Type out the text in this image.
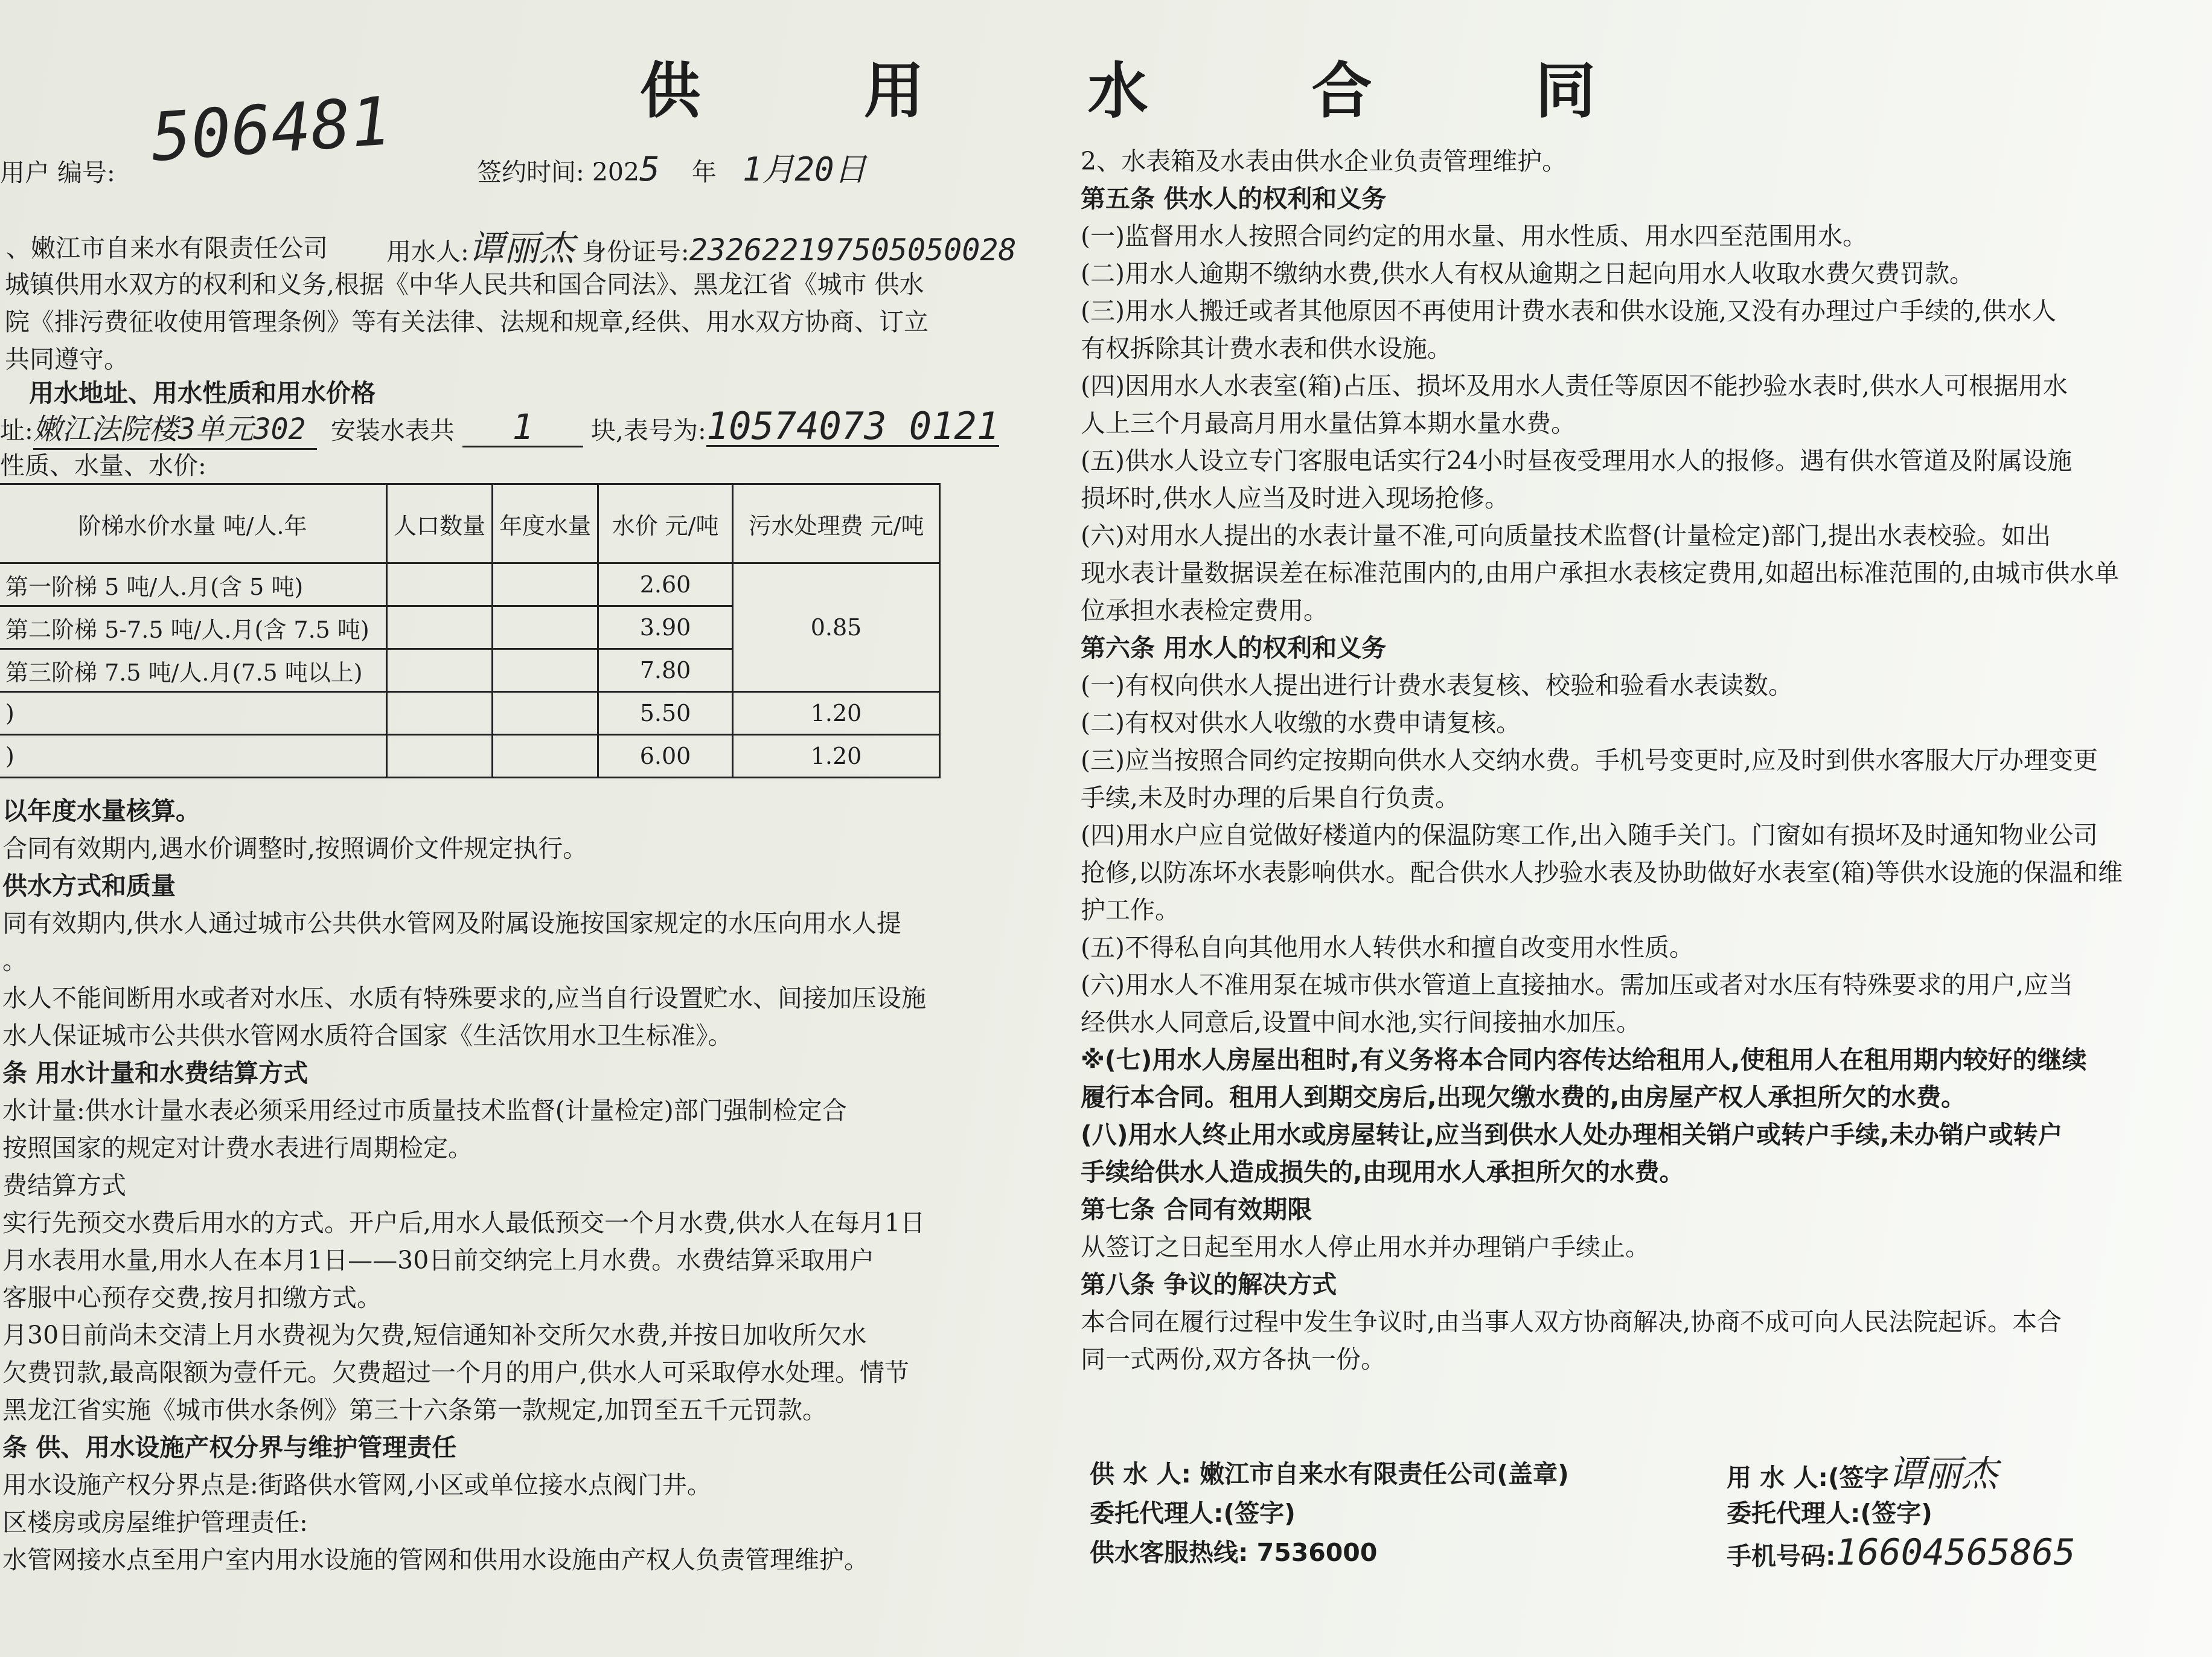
供 用 水 合 同
506481
用户 编号:	签约时间: 2025 年 1月20日
、嫩江市自来水有限责任公司 用水人:谭丽杰 身份证号:232622197505050028

城镇供用水双方的权利和义务,根据《中华人民共和国合同法》、黑龙江省《城市 供水

院《排污费征收使用管理条例》等有关法律、法规和规章,经供、用水双方协商、订立

共同遵守。

用水地址、用水性质和用水价格
址:嫩江法院楼3单元302 安装水表共 1 块,表号为:10574073 0121
性质、水量、水价:
阶梯水价水量 吨/人.年	人口数量	年度水量	水价 元/吨	污水处理费 元/吨
第一阶梯 5 吨/人.月(含 5 吨)			2.60	0.85
第二阶梯 5-7.5 吨/人.月(含 7.5 吨)			3.90	
第三阶梯 7.5 吨/人.月(7.5 吨以上)			7.80	
)			5.50	1.20
)			6.00	1.20

以年度水量核算。

合同有效期内,遇水价调整时,按照调价文件规定执行。

供水方式和质量

同有效期内,供水人通过城市公共供水管网及附属设施按国家规定的水压向用水人提

。

水人不能间断用水或者对水压、水质有特殊要求的,应当自行设置贮水、间接加压设施

水人保证城市公共供水管网水质符合国家《生活饮用水卫生标准》。

条 用水计量和水费结算方式

水计量:供水计量水表必须采用经过市质量技术监督(计量检定)部门强制检定合

按照国家的规定对计费水表进行周期检定。

费结算方式

实行先预交水费后用水的方式。开户后,用水人最低预交一个月水费,供水人在每月1日

月水表用水量,用水人在本月1日——30日前交纳完上月水费。水费结算采取用户

客服中心预存交费,按月扣缴方式。

月30日前尚未交清上月水费视为欠费,短信通知补交所欠水费,并按日加收所欠水

欠费罚款,最高限额为壹仟元。欠费超过一个月的用户,供水人可采取停水处理。情节

黑龙江省实施《城市供水条例》第三十六条第一款规定,加罚至五千元罚款。

条 供、用水设施产权分界与维护管理责任

用水设施产权分界点是:街路供水管网,小区或单位接水点阀门井。

区楼房或房屋维护管理责任:

水管网接水点至用户室内用水设施的管网和供用水设施由产权人负责管理维护。

2、水表箱及水表由供水企业负责管理维护。

第五条 供水人的权利和义务

(一)监督用水人按照合同约定的用水量、用水性质、用水四至范围用水。

(二)用水人逾期不缴纳水费,供水人有权从逾期之日起向用水人收取水费欠费罚款。

(三)用水人搬迁或者其他原因不再使用计费水表和供水设施,又没有办理过户手续的,供水人

有权拆除其计费水表和供水设施。

(四)因用水人水表室(箱)占压、损坏及用水人责任等原因不能抄验水表时,供水人可根据用水

人上三个月最高月用水量估算本期水量水费。

(五)供水人设立专门客服电话实行24小时昼夜受理用水人的报修。遇有供水管道及附属设施

损坏时,供水人应当及时进入现场抢修。

(六)对用水人提出的水表计量不准,可向质量技术监督(计量检定)部门,提出水表校验。如出

现水表计量数据误差在标准范围内的,由用户承担水表核定费用,如超出标准范围的,由城市供水单

位承担水表检定费用。

第六条 用水人的权利和义务

(一)有权向供水人提出进行计费水表复核、校验和验看水表读数。

(二)有权对供水人收缴的水费申请复核。

(三)应当按照合同约定按期向供水人交纳水费。手机号变更时,应及时到供水客服大厅办理变更

手续,未及时办理的后果自行负责。

(四)用水户应自觉做好楼道内的保温防寒工作,出入随手关门。门窗如有损坏及时通知物业公司

抢修,以防冻坏水表影响供水。配合供水人抄验水表及协助做好水表室(箱)等供水设施的保温和维

护工作。

(五)不得私自向其他用水人转供水和擅自改变用水性质。

(六)用水人不准用泵在城市供水管道上直接抽水。需加压或者对水压有特殊要求的用户,应当

经供水人同意后,设置中间水池,实行间接抽水加压。

※(七)用水人房屋出租时,有义务将本合同内容传达给租用人,使租用人在租用期内较好的继续

履行本合同。租用人到期交房后,出现欠缴水费的,由房屋产权人承担所欠的水费。

(八)用水人终止用水或房屋转让,应当到供水人处办理相关销户或转户手续,未办销户或转户

手续给供水人造成损失的,由现用水人承担所欠的水费。

第七条 合同有效期限

从签订之日起至用水人停止用水并办理销户手续止。

第八条 争议的解决方式

本合同在履行过程中发生争议时,由当事人双方协商解决,协商不成可向人民法院起诉。本合

同一式两份,双方各执一份。

供 水 人: 嫩江市自来水有限责任公司(盖章)
委托代理人:(签字)
供水客服热线: 7536000
用 水 人:(签字谭丽杰
委托代理人:(签字)
手机号码:16604565865
